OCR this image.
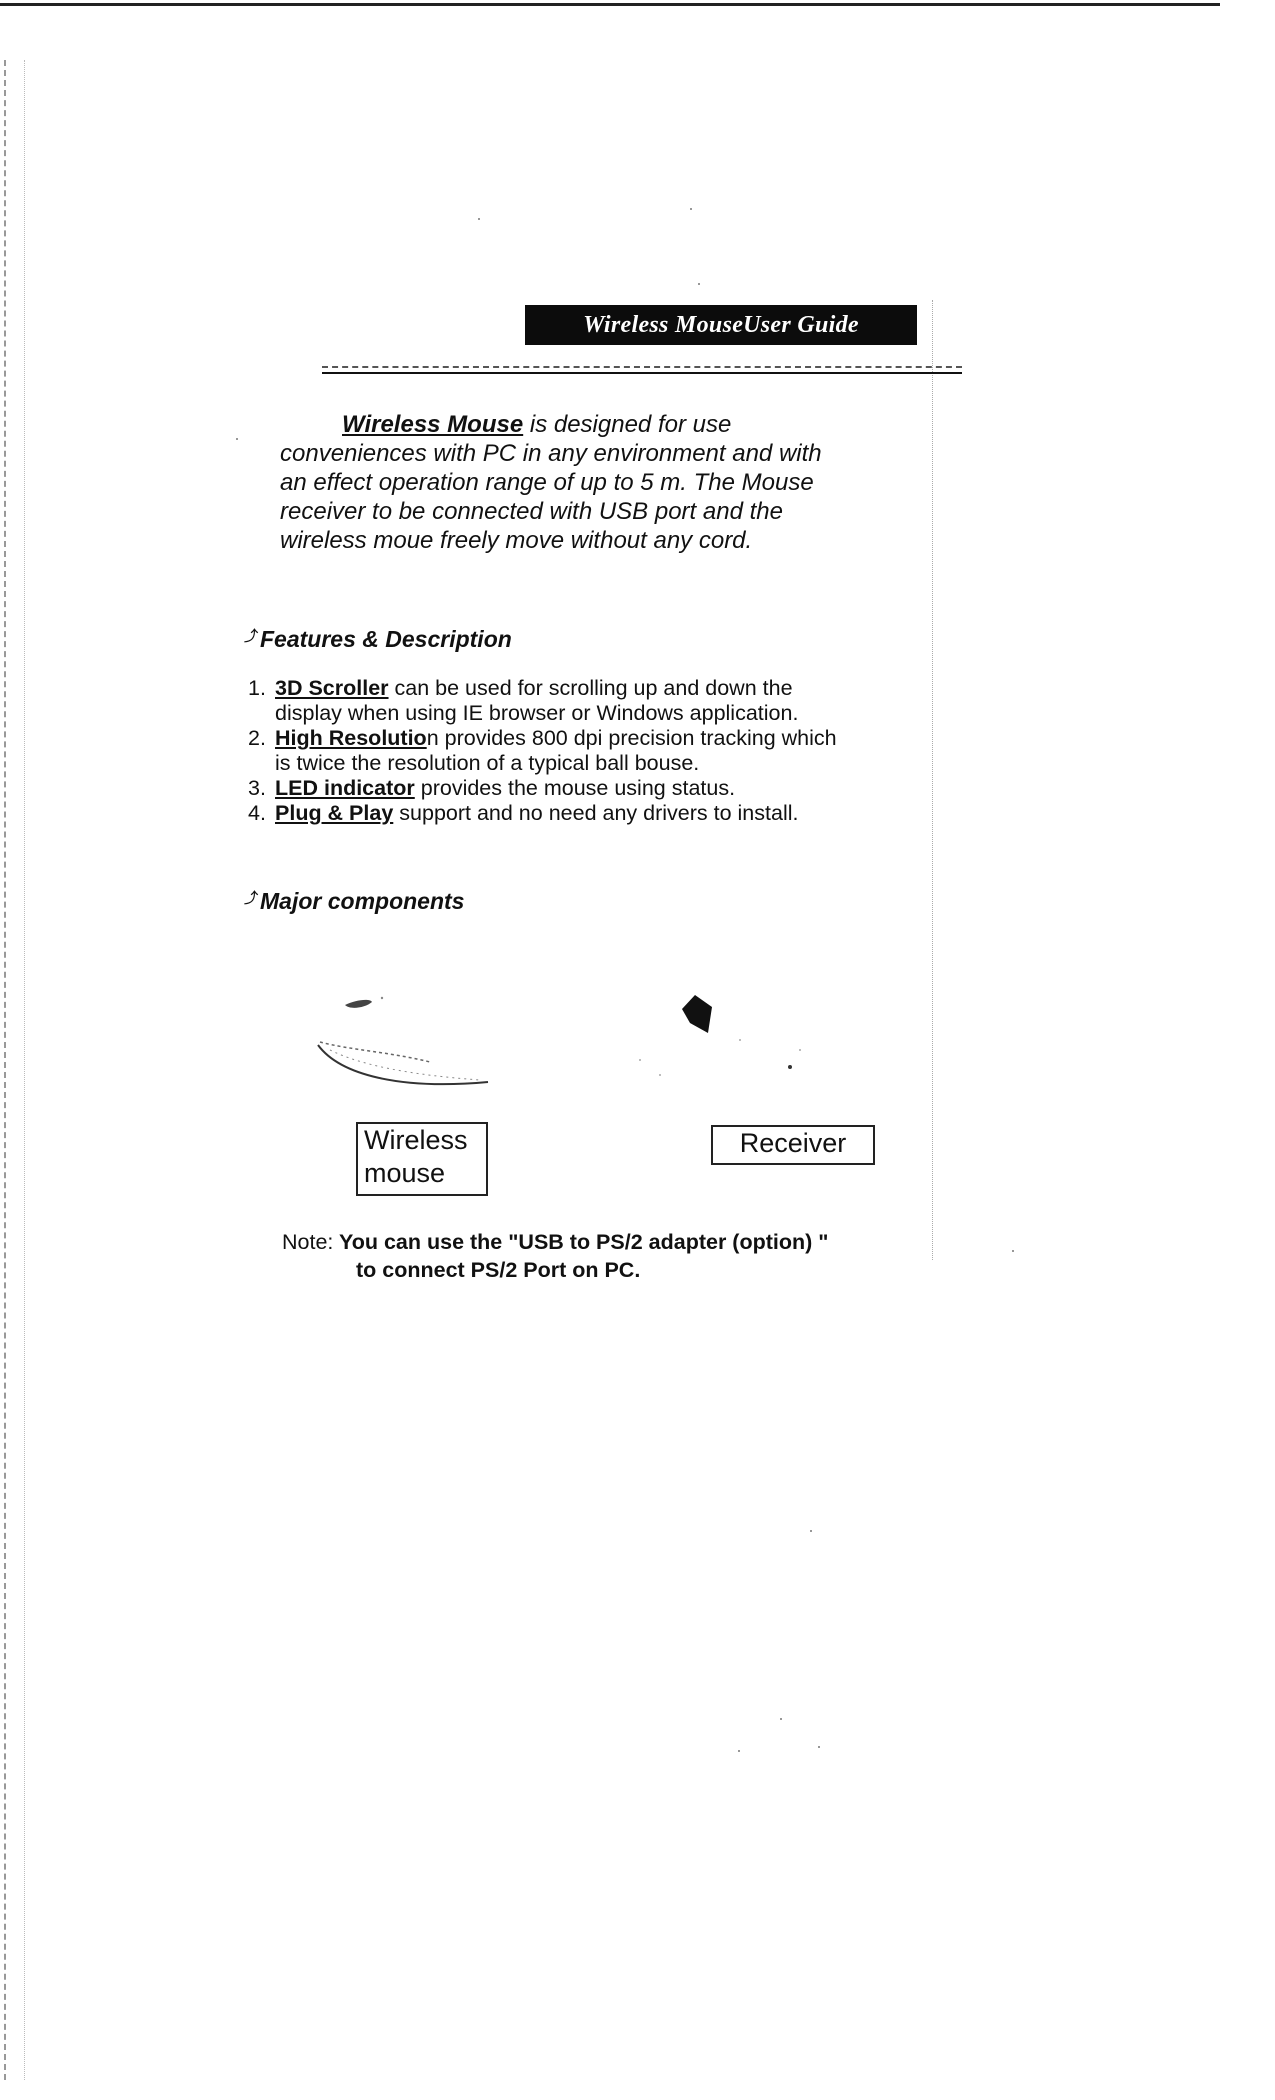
Wireless MouseUser Guide
Wireless Mouse is designed for use
conveniences with PC in any environment and with
an effect operation range of up to 5 m. The Mouse
receiver to be connected with USB port and the
wireless moue freely move without any cord.
⤴Features & Description
1. 3D Scroller can be used for scrolling up and down the
display when using IE browser or Windows application.
2. High Resolution provides 800 dpi precision tracking which
is twice the resolution of a typical ball bouse.
3. LED indicator provides the mouse using status.
4. Plug & Play support and no need any drivers to install.
⤴Major components
Wireless
mouse
Receiver
Note: You can use the "USB to PS/2 adapter (option) "
to connect PS/2 Port on PC.
